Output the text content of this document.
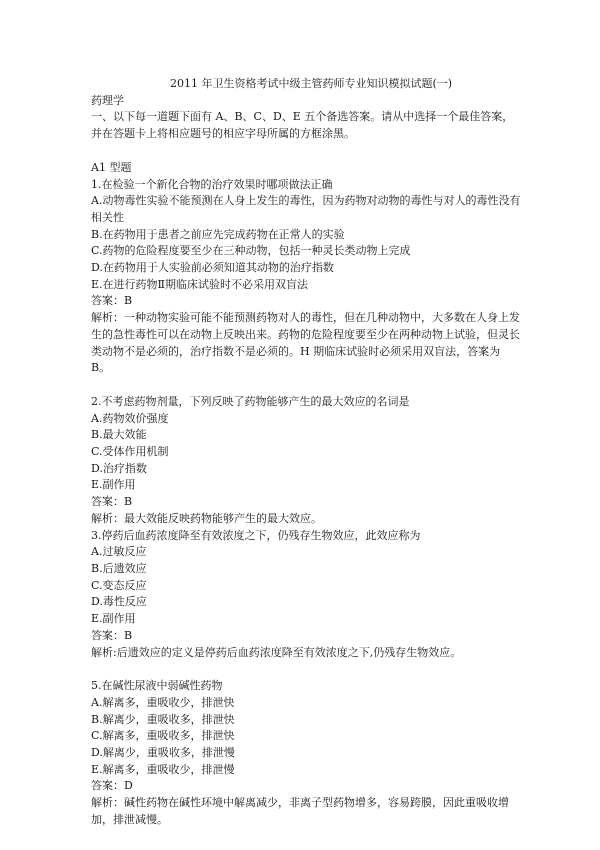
2011 年卫生资格考试中级主管药师专业知识模拟试题(一)

药理学

一、以下每一道题下面有 A、B、C、D、E 五个备选答案。请从中选择一个最佳答案，并在答题卡上将相应题号的相应字母所属的方框涂黑。

A1 型题

1.在检验一个新化合物的治疗效果时哪项做法正确

A.动物毒性实验不能预测在人身上发生的毒性，因为药物对动物的毒性与对人的毒性没有相关性

B.在药物用于患者之前应先完成药物在正常人的实验

C.药物的危险程度要至少在三种动物，包括一种灵长类动物上完成

D.在药物用于人实验前必须知道其动物的治疗指数

E.在进行药物Ⅱ期临床试验时不必采用双盲法

答案：B

解析：一种动物实验可能不能预测药物对人的毒性，但在几种动物中，大多数在人身上发生的急性毒性可以在动物上反映出来。药物的危险程度要至少在两种动物上试验，但灵长类动物不是必须的，治疗指数不是必须的。H 期临床试验时必须采用双盲法，答案为 B。

2.不考虑药物剂量，下列反映了药物能够产生的最大效应的名词是

A.药物效价强度

B.最大效能

C.受体作用机制

D.治疗指数

E.副作用

答案：B

解析：最大效能反映药物能够产生的最大效应。

3.停药后血药浓度降至有效浓度之下，仍残存生物效应，此效应称为

A.过敏反应

B.后遗效应

C.变态反应

D.毒性反应

E.副作用

答案：B

解析:后遗效应的定义是停药后血药浓度降至有效浓度之下,仍残存生物效应。

5.在碱性尿液中弱碱性药物

A.解离多，重吸收少，排泄快

B.解离少，重吸收多，排泄快

C.解离多，重吸收多，排泄快

D.解离少，重吸收多，排泄慢

E.解离多，重吸收少，排泄慢

答案：D

解析：碱性药物在碱性环境中解离减少，非离子型药物增多，容易跨膜，因此重吸收增加，排泄减慢。
